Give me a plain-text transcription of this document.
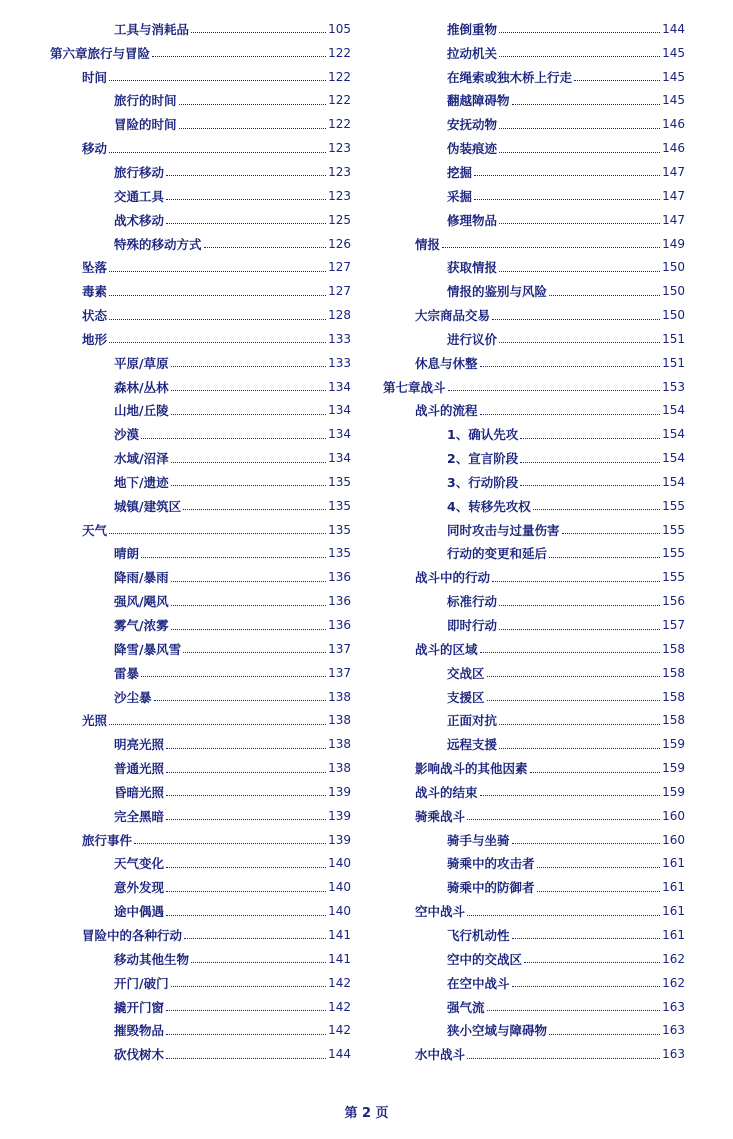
工具与消耗品	105
第六章旅行与冒险	122
时间	122
旅行的时间	122
冒险的时间	122
移动	123
旅行移动	123
交通工具	123
战术移动	125
特殊的移动方式	126
坠落	127
毒素	127
状态	128
地形	133
平原/草原	133
森林/丛林	134
山地/丘陵	134
沙漠	134
水域/沼泽	134
地下/遗迹	135
城镇/建筑区	135
天气	135
晴朗	135
降雨/暴雨	136
强风/飓风	136
雾气/浓雾	136
降雪/暴风雪	137
雷暴	137
沙尘暴	138
光照	138
明亮光照	138
普通光照	138
昏暗光照	139
完全黑暗	139
旅行事件	139
天气变化	140
意外发现	140
途中偶遇	140
冒险中的各种行动	141
移动其他生物	141
开门/破门	142
撬开门窗	142
摧毁物品	142
砍伐树木	144
推倒重物	144
拉动机关	145
在绳索或独木桥上行走	145
翻越障碍物	145
安抚动物	146
伪装痕迹	146
挖掘	147
采掘	147
修理物品	147
情报	149
获取情报	150
情报的鉴别与风险	150
大宗商品交易	150
进行议价	151
休息与休整	151
第七章战斗	153
战斗的流程	154
1、确认先攻	154
2、宣言阶段	154
3、行动阶段	154
4、转移先攻权	155
同时攻击与过量伤害	155
行动的变更和延后	155
战斗中的行动	155
标准行动	156
即时行动	157
战斗的区域	158
交战区	158
支援区	158
正面对抗	158
远程支援	159
影响战斗的其他因素	159
战斗的结束	159
骑乘战斗	160
骑手与坐骑	160
骑乘中的攻击者	161
骑乘中的防御者	161
空中战斗	161
飞行机动性	161
空中的交战区	162
在空中战斗	162
强气流	163
狭小空域与障碍物	163
水中战斗	163
第 2 页
